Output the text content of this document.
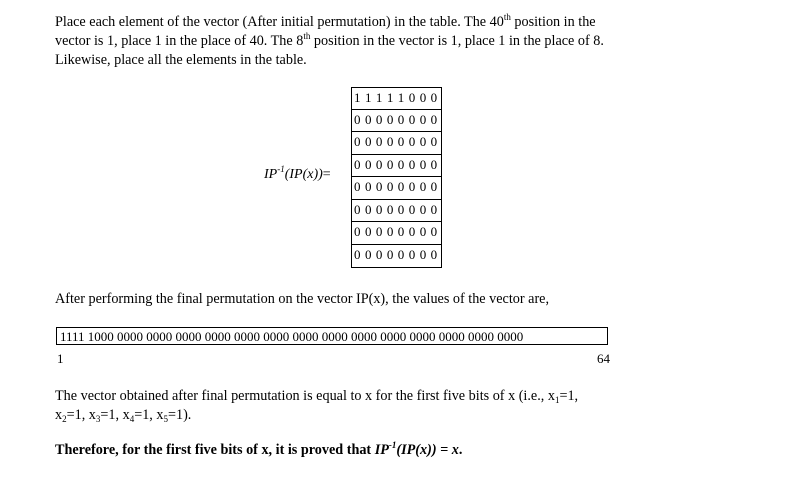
Place each element of the vector (After initial permutation) in the table. The 40th position in the
vector is 1, place 1 in the place of 40. The 8th position in the vector is 1, place 1 in the place of 8.
Likewise, place all the elements in the table.
$IP^{-1}(IP(x))=$
1 1 1 1 1 0 0 0
0 0 0 0 0 0 0 0
0 0 0 0 0 0 0 0
0 0 0 0 0 0 0 0
0 0 0 0 0 0 0 0
0 0 0 0 0 0 0 0
0 0 0 0 0 0 0 0
0 0 0 0 0 0 0 0
After performing the final permutation on the vector IP(x), the values of the vector are,
1111 1000 0000 0000 0000 0000 0000 0000 0000 0000 0000 0000 0000 0000 0000 0000
1	64
The vector obtained after final permutation is equal to x for the first five bits of x (i.e., $x_1=1$,
$x_2=1$, $x_3=1$, $x_4=1$, $x_5=1$).
Therefore, for the first five bits of x, it is proved that $IP^{-1}(IP(x)) = x$.
